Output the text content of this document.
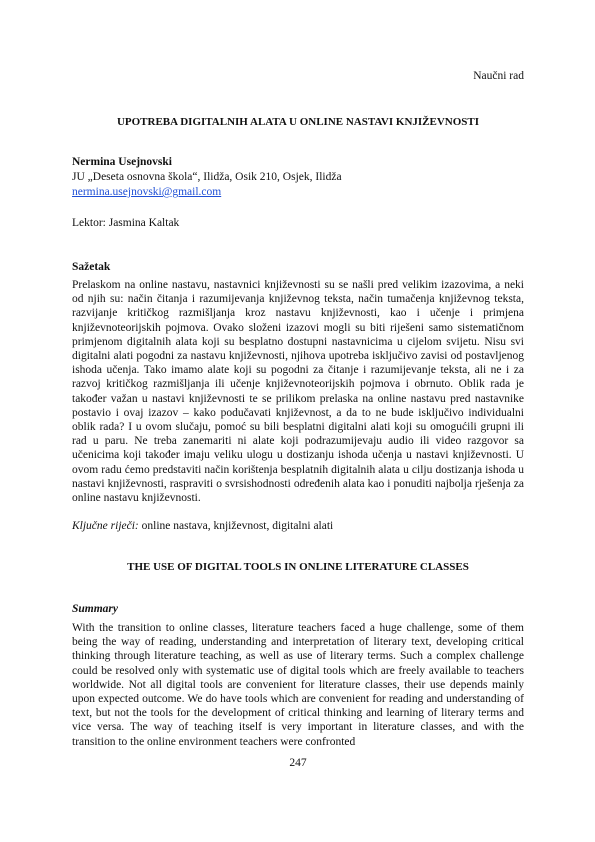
Naučni rad
UPOTREBA DIGITALNIH ALATA U ONLINE NASTAVI KNJIŽEVNOSTI
Nermina Usejnovski
JU „Deseta osnovna škola“, Ilidža, Osik 210, Osjek, Ilidža
nermina.usejnovski@gmail.com
Lektor: Jasmina Kaltak
Sažetak
Prelaskom na online nastavu, nastavnici književnosti su se našli pred velikim izazovima, a neki od njih su: način čitanja i razumijevanja književnog teksta, način tumačenja književnog teksta, razvijanje kritičkog razmišljanja kroz nastavu književnosti, kao i učenje i primjena književnoteorijskih pojmova. Ovako složeni izazovi mogli su biti riješeni samo sistematičnom primjenom digitalnih alata koji su besplatno dostupni nastavnicima u cijelom svijetu. Nisu svi digitalni alati pogodni za nastavu književnosti, njihova upotreba isključivo zavisi od postavljenog ishoda učenja. Tako imamo alate koji su pogodni za čitanje i razumijevanje teksta, ali ne i za razvoj kritičkog razmišljanja ili učenje književnoteorijskih pojmova i obrnuto. Oblik rada je također važan u nastavi književnosti te se prilikom prelaska na online nastavu pred nastavnike postavio i ovaj izazov – kako podučavati književnost, a da to ne bude isključivo individualni oblik rada? I u ovom slučaju, pomoć su bili besplatni digitalni alati koji su omogućili grupni ili rad u paru. Ne treba zanemariti ni alate koji podrazumijevaju audio ili video razgovor sa učenicima koji također imaju veliku ulogu u dostizanju ishoda učenja u nastavi književnosti. U ovom radu ćemo predstaviti način korištenja besplatnih digitalnih alata u cilju dostizanja ishoda u nastavi književnosti, raspraviti o svrsishodnosti određenih alata kao i ponuditi najbolja rješenja za online nastavu književnosti.
Ključne riječi: online nastava, književnost, digitalni alati
THE USE OF DIGITAL TOOLS IN ONLINE LITERATURE CLASSES
Summary
With the transition to online classes, literature teachers faced a huge challenge, some of them being the way of reading, understanding and interpretation of literary text, developing critical thinking through literature teaching, as well as use of literary terms. Such a complex challenge could be resolved only with systematic use of digital tools which are freely available to teachers worldwide. Not all digital tools are convenient for literature classes, their use depends mainly upon expected outcome. We do have tools which are convenient for reading and understanding of text, but not the tools for the development of critical thinking and learning of literary terms and vice versa. The way of teaching itself is very important in literature classes, and with the transition to the online environment teachers were confronted
247
